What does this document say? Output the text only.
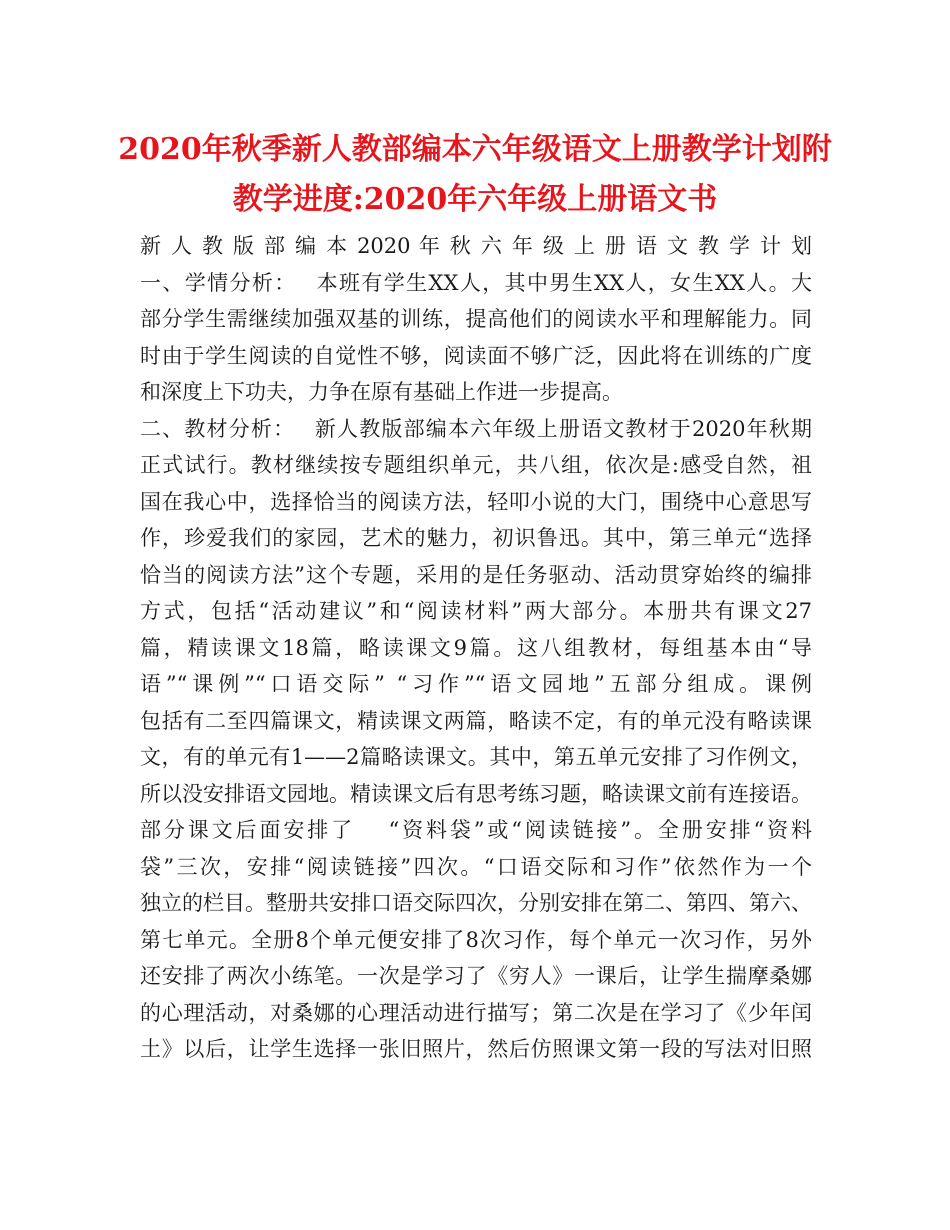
2020年秋季新人教部编本六年级语文上册教学计划附
教学进度:2020年六年级上册语文书
新 人 教 版 部 编 本 2020 年 秋 六 年 级 上 册 语 文 教 学 计 划
一、学情分析：　 本班有学生XX人，其中男生XX人，女生XX人。大
部分学生需继续加强双基的训练，提高他们的阅读水平和理解能力。同
时由于学生阅读的自觉性不够，阅读面不够广泛，因此将在训练的广度
和深度上下功夫，力争在原有基础上作进一步提高。
二、教材分析：　 新人教版部编本六年级上册语文教材于2020年秋期
正式试行。教材继续按专题组织单元，共八组，依次是:感受自然，祖
国在我心中，选择恰当的阅读方法，轻叩小说的大门，围绕中心意思写
作，珍爱我们的家园，艺术的魅力，初识鲁迅。其中，第三单元“选择
恰当的阅读方法”这个专题，采用的是任务驱动、活动贯穿始终的编排
方式，包括“活动建议”和“阅读材料”两大部分。本册共有课文27
篇，精读课文18篇，略读课文9篇。这八组教材，每组基本由“导
语”“课例”“口语交际” “习作”“语文园地”五部分组成。课例
包括有二至四篇课文，精读课文两篇，略读不定，有的单元没有略读课
文，有的单元有1——2篇略读课文。其中，第五单元安排了习作例文，
所以没安排语文园地。精读课文后有思考练习题，略读课文前有连接语。
部分课文后面安排了　 “资料袋”或“阅读链接”。全册安排“资料
袋”三次，安排“阅读链接”四次。“口语交际和习作”依然作为一个
独立的栏目。整册共安排口语交际四次，分别安排在第二、第四、第六、
第七单元。全册8个单元便安排了8次习作，每个单元一次习作，另外
还安排了两次小练笔。一次是学习了《穷人》一课后，让学生揣摩桑娜
的心理活动，对桑娜的心理活动进行描写；第二次是在学习了《少年闰
土》以后，让学生选择一张旧照片，然后仿照课文第一段的写法对旧照
